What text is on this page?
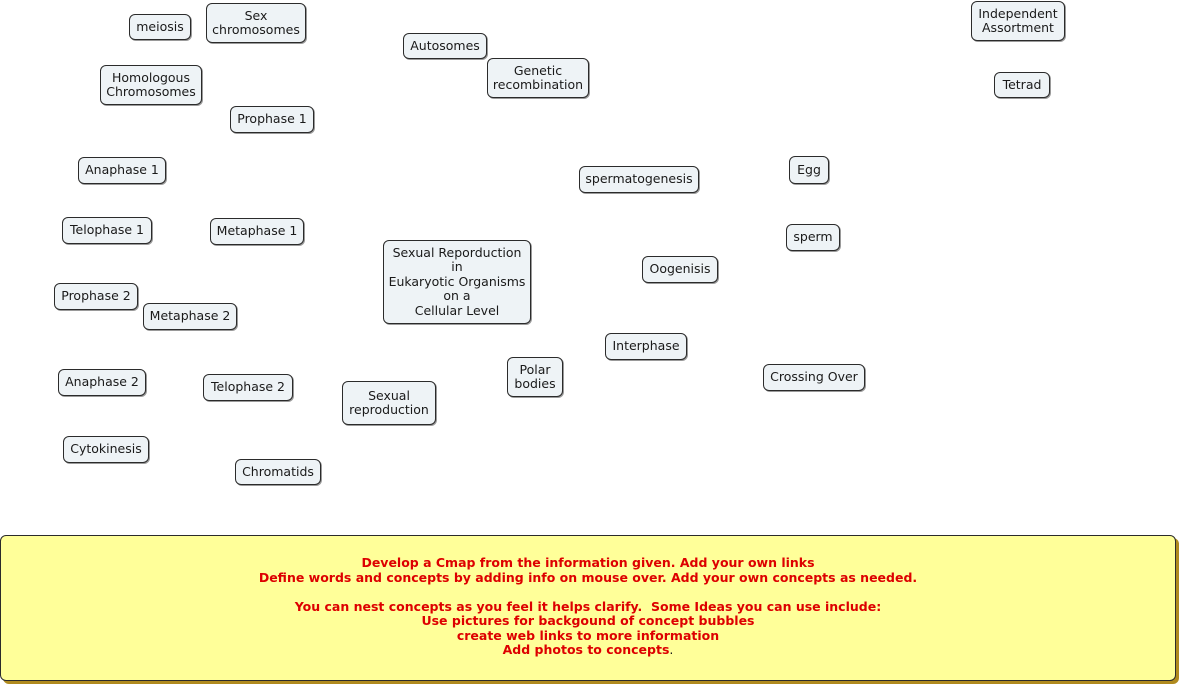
meiosis
Sex
chromosomes
Autosomes
Genetic
recombination
Independent
Assortment
Homologous
Chromosomes	Tetrad
Prophase 1
Anaphase 1
spermatogenesis
Egg
Telophase 1	Metaphase 1
Sexual Reporduction
in
Eukaryotic Organisms
on a
Cellular Level
sperm
Oogenisis
Prophase 2
Metaphase 2
Interphase
Polar
bodies	Crossing Over
Anaphase 2	Telophase 2
Sexual
reproduction
Cytokinesis
Chromatids
Develop a Cmap from the information given. Add your own links
Define words and concepts by adding info on mouse over. Add your own concepts as needed.
You can nest concepts as you feel it helps clarify.  Some Ideas you can use include:
Use pictures for backgound of concept bubbles
create web links to more information
Add photos to concepts.
